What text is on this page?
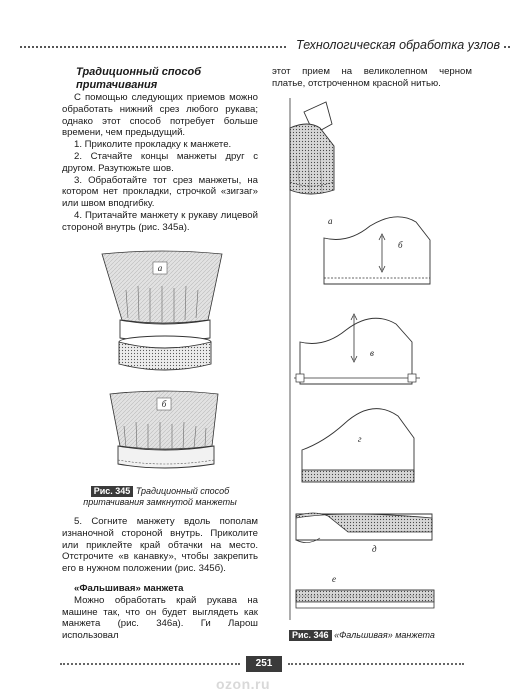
Технологическая обработка узлов
Традиционный способ
притачивания

С помощью следующих приемов можно обработать нижний срез любого рукава; однако этот способ потребует больше времени, чем предыдущий.

1. Приколите прокладку к манжете.

2. Стачайте концы манжеты друг с другом. Разутюжьте шов.

3. Обработайте тот срез манжеты, на котором нет прокладки, строчкой «зигзаг» или швом вподгибку.

4. Притачайте манжету к рукаву лицевой стороной внутрь (рис. 345а).

а
б
Рис. 345 Традиционный способ притачивания замкнутой манжеты

5. Согните манжету вдоль пополам изнаночной стороной внутрь. Приколите или приклейте край обтачки на место. Отстрочите «в канавку», чтобы закрепить его в нужном положении (рис. 345б).

«Фальшивая» манжета

Можно обработать край рукава на машине так, что он будет выглядеть как манжета (рис. 346а). Ги Ларош использовал

этот прием на великолепном черном платье, отстроченном красной нитью.

а
б
в
г
д
е
Рис. 346 «Фальшивая» манжета
251
ozon.ru
